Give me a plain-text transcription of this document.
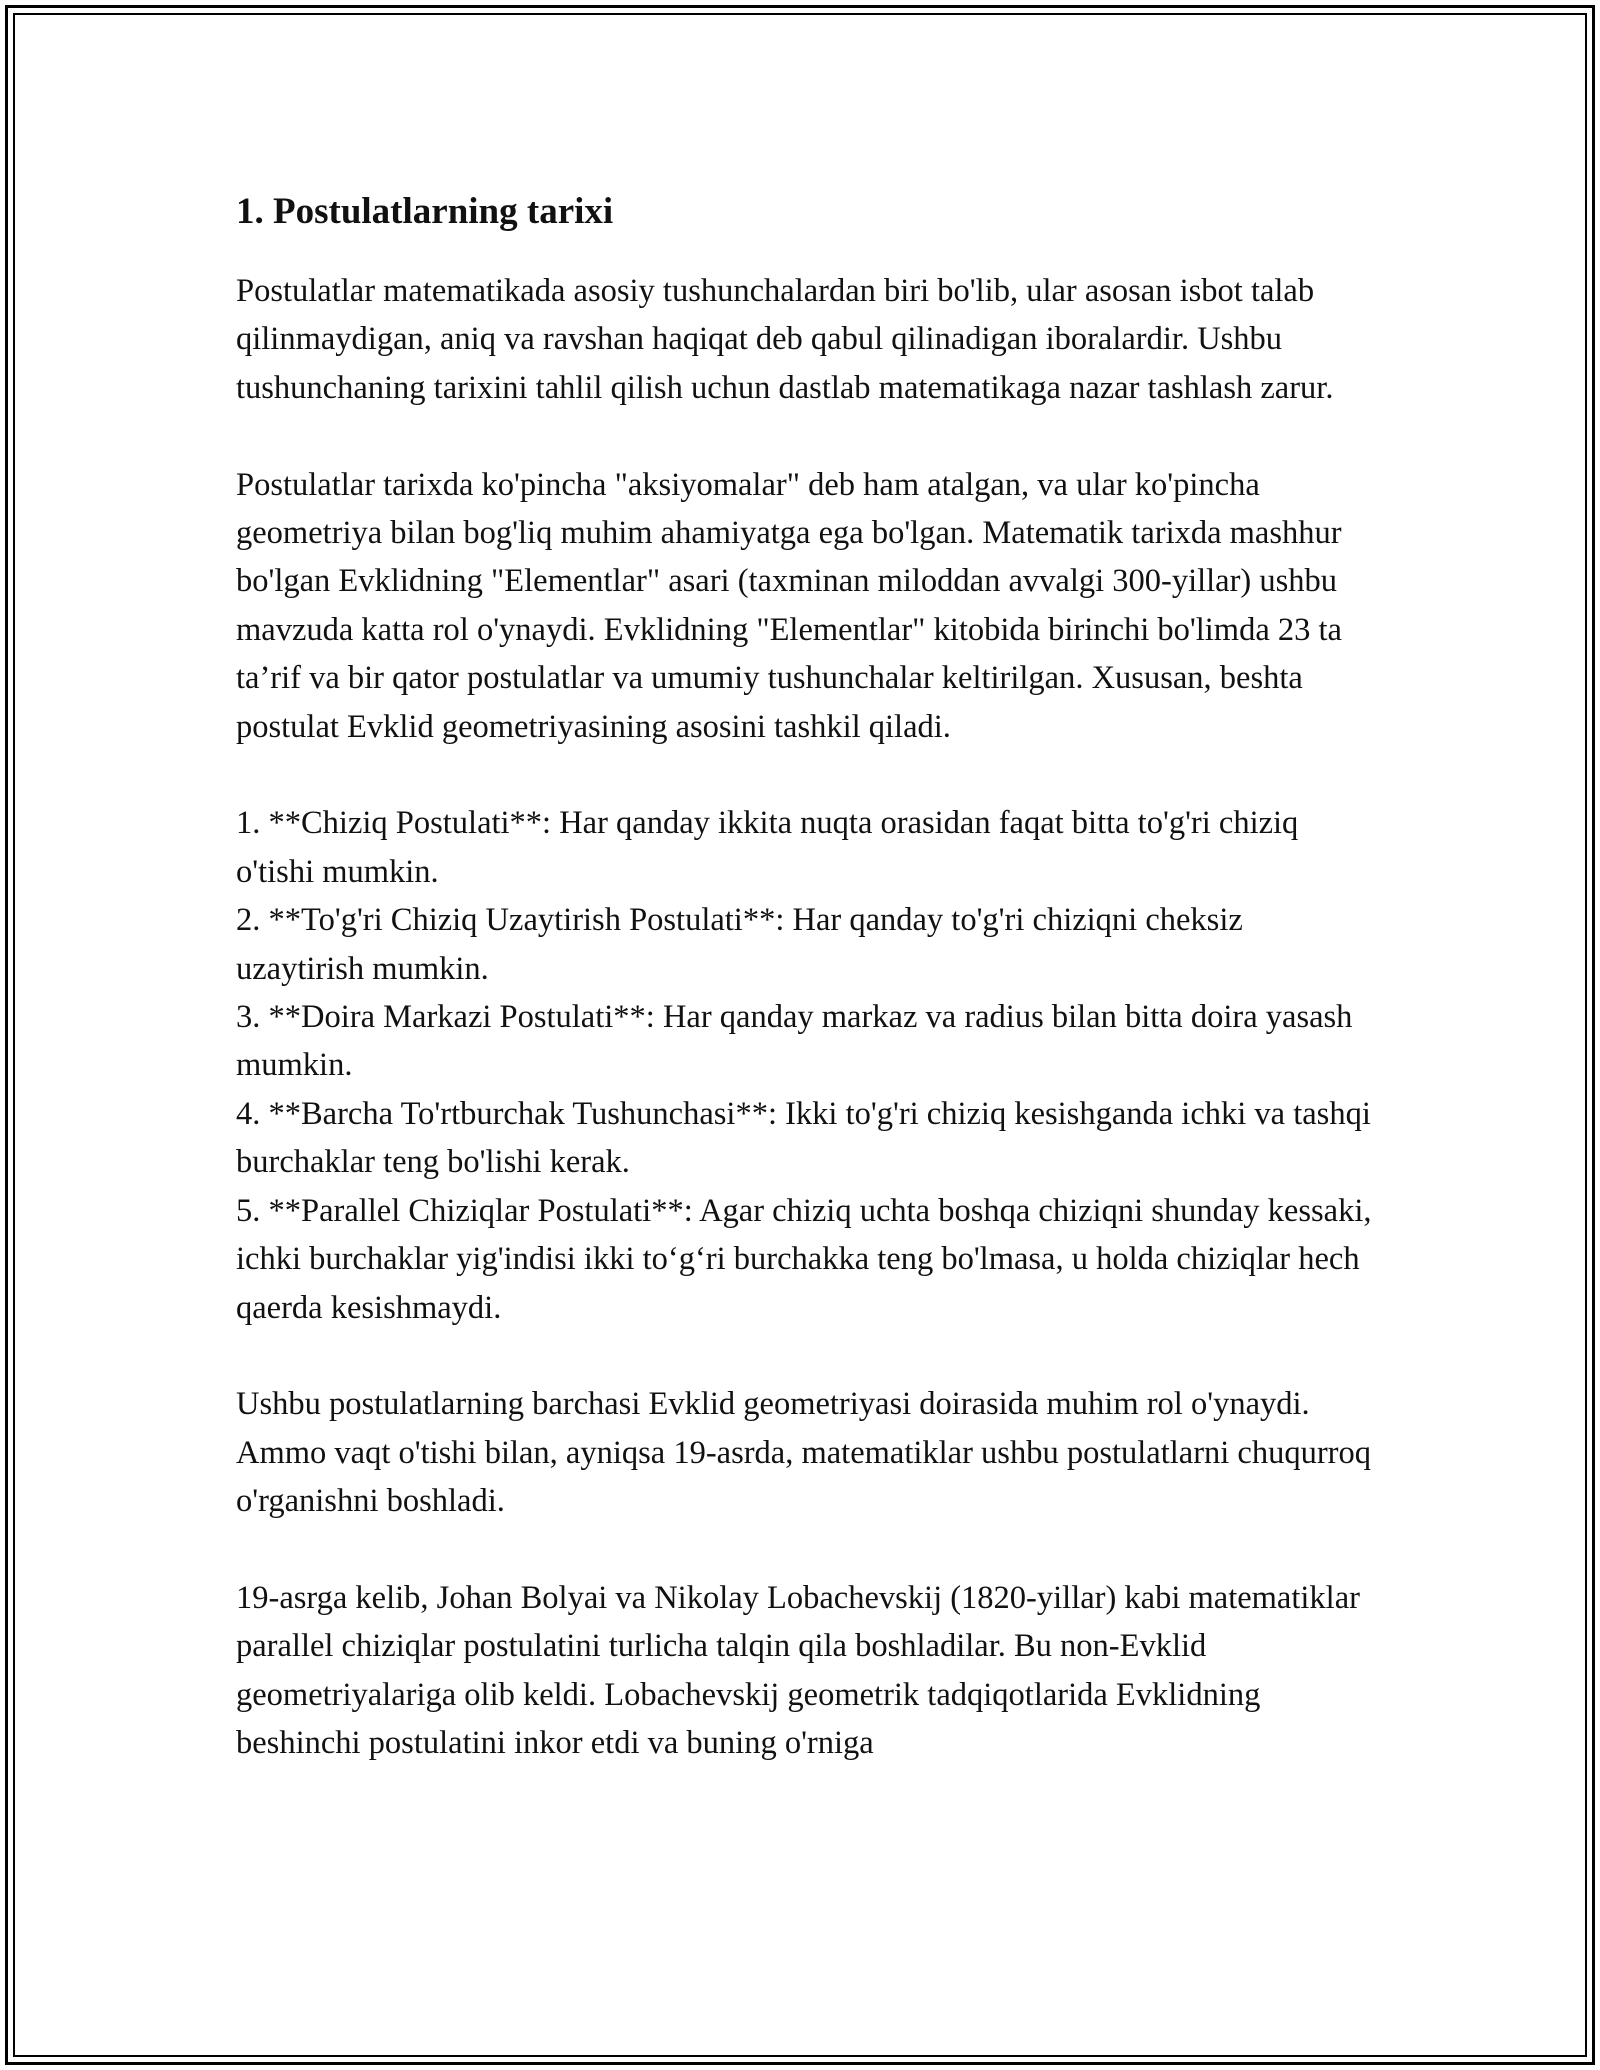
1. Postulatlarning tarixi

Postulatlar matematikada asosiy tushunchalardan biri bo'lib, ular asosan isbot talab qilinmaydigan, aniq va ravshan haqiqat deb qabul qilinadigan iboralardir. Ushbu tushunchaning tarixini tahlil qilish uchun dastlab matematikaga nazar tashlash zarur.

Postulatlar tarixda ko'pincha "aksiyomalar" deb ham atalgan, va ular ko'pincha geometriya bilan bog'liq muhim ahamiyatga ega bo'lgan. Matematik tarixda mashhur bo'lgan Evklidning "Elementlar" asari (taxminan miloddan avvalgi 300-yillar) ushbu mavzuda katta rol o'ynaydi. Evklidning "Elementlar" kitobida birinchi bo'limda 23 ta ta’rif va bir qator postulatlar va umumiy tushunchalar keltirilgan. Xususan, beshta postulat Evklid geometriyasining asosini tashkil qiladi.

1. **Chiziq Postulati**: Har qanday ikkita nuqta orasidan faqat bitta to'g'ri chiziq o'tishi mumkin.

2. **To'g'ri Chiziq Uzaytirish Postulati**: Har qanday to'g'ri chiziqni cheksiz uzaytirish mumkin.

3. **Doira Markazi Postulati**: Har qanday markaz va radius bilan bitta doira yasash mumkin.

4. **Barcha To'rtburchak Tushunchasi**: Ikki to'g'ri chiziq kesishganda ichki va tashqi burchaklar teng bo'lishi kerak.

5. **Parallel Chiziqlar Postulati**: Agar chiziq uchta boshqa chiziqni shunday kessaki, ichki burchaklar yig'indisi ikki to‘g‘ri burchakka teng bo'lmasa, u holda chiziqlar hech qaerda kesishmaydi.

Ushbu postulatlarning barchasi Evklid geometriyasi doirasida muhim rol o'ynaydi. Ammo vaqt o'tishi bilan, ayniqsa 19-asrda, matematiklar ushbu postulatlarni chuqurroq o'rganishni boshladi.

19-asrga kelib, Johan Bolyai va Nikolay Lobachevskij (1820-yillar) kabi matematiklar parallel chiziqlar postulatini turlicha talqin qila boshladilar. Bu non-Evklid geometriyalariga olib keldi. Lobachevskij geometrik tadqiqotlarida Evklidning beshinchi postulatini inkor etdi va buning o'rniga
